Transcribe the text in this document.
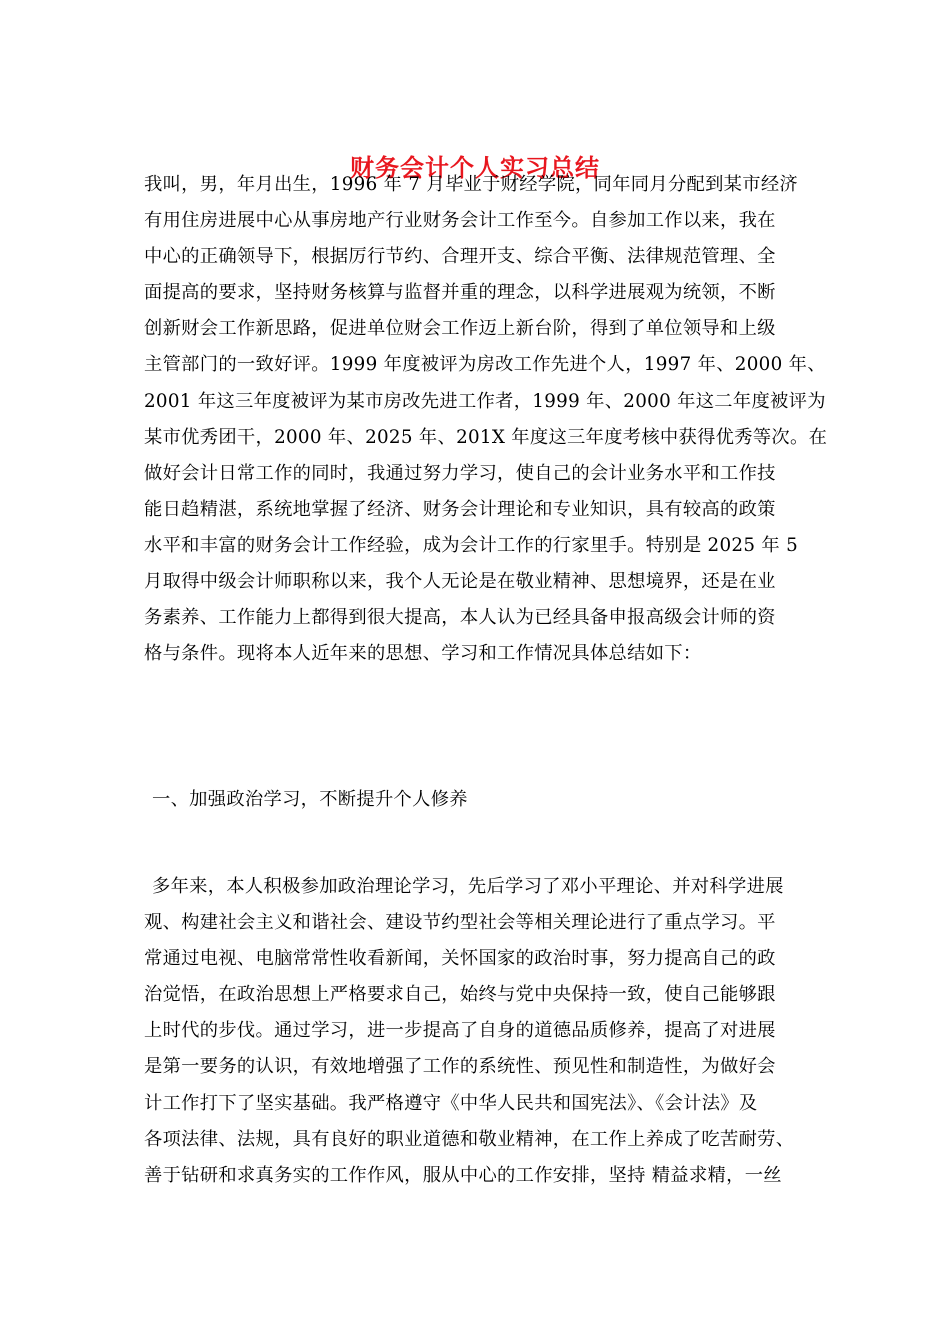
财务会计个人实习总结
我叫，男，年月出生，1996 年 7 月毕业于财经学院，同年同月分配到某市经济
有用住房进展中心从事房地产行业财务会计工作至今。自参加工作以来，我在
中心的正确领导下，根据厉行节约、合理开支、综合平衡、法律规范管理、全
面提高的要求，坚持财务核算与监督并重的理念，以科学进展观为统领，不断
创新财会工作新思路，促进单位财会工作迈上新台阶，得到了单位领导和上级
主管部门的一致好评。1999 年度被评为房改工作先进个人，1997 年、2000 年、
2001 年这三年度被评为某市房改先进工作者，1999 年、2000 年这二年度被评为
某市优秀团干，2000 年、2025 年、201X 年度这三年度考核中获得优秀等次。在
做好会计日常工作的同时，我通过努力学习，使自己的会计业务水平和工作技
能日趋精湛，系统地掌握了经济、财务会计理论和专业知识，具有较高的政策
水平和丰富的财务会计工作经验，成为会计工作的行家里手。特别是 2025 年 5
月取得中级会计师职称以来，我个人无论是在敬业精神、思想境界，还是在业
务素养、工作能力上都得到很大提高，本人认为已经具备申报高级会计师的资
格与条件。现将本人近年来的思想、学习和工作情况具体总结如下：
一、加强政治学习，不断提升个人修养
多年来，本人积极参加政治理论学习，先后学习了邓小平理论、并对科学进展
观、构建社会主义和谐社会、建设节约型社会等相关理论进行了重点学习。平
常通过电视、电脑常常性收看新闻，关怀国家的政治时事，努力提高自己的政
治觉悟，在政治思想上严格要求自己，始终与党中央保持一致，使自己能够跟
上时代的步伐。通过学习，进一步提高了自身的道德品质修养，提高了对进展
是第一要务的认识，有效地增强了工作的系统性、预见性和制造性，为做好会
计工作打下了坚实基础。我严格遵守《中华人民共和国宪法》、《会计法》及
各项法律、法规，具有良好的职业道德和敬业精神，在工作上养成了吃苦耐劳、
善于钻研和求真务实的工作作风，服从中心的工作安排，坚持 精益求精，一丝
